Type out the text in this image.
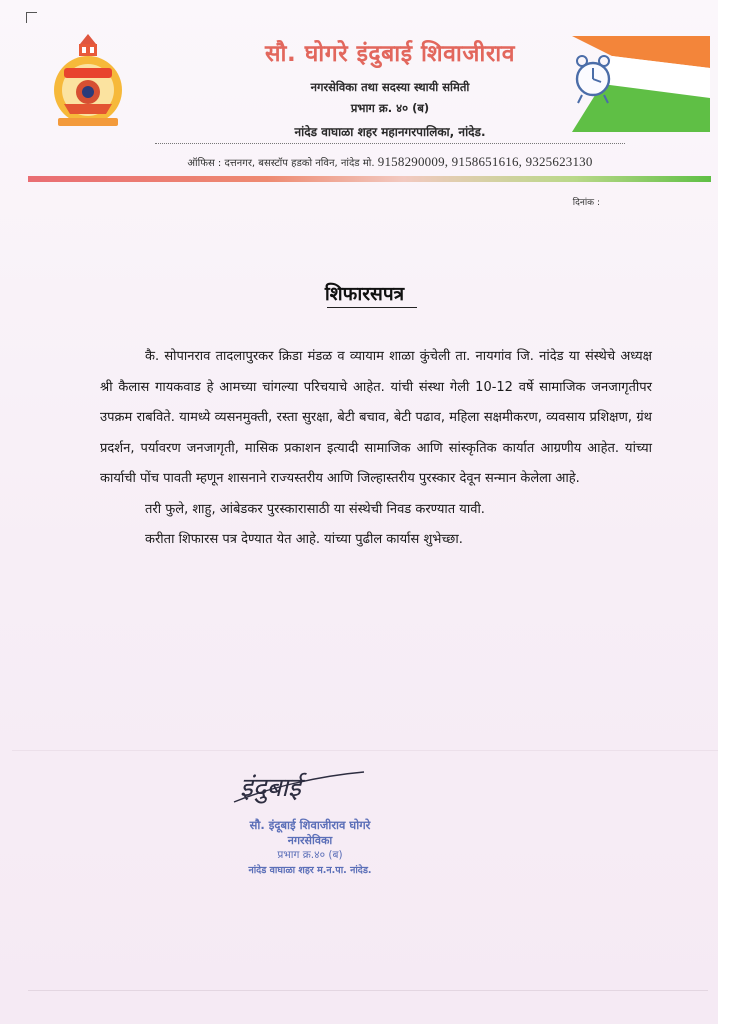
सौ. घोगरे इंदुबाई शिवाजीराव
नगरसेविका तथा सदस्या स्थायी समिती
प्रभाग क्र. ४० (ब)
नांदेड वाघाळा शहर महानगरपालिका, नांदेड.
ऑफिस : दत्तनगर, बसस्टॉप हडको नविन, नांदेड मो. 9158290009, 9158651616, 9325623130
दिनांक :
शिफारसपत्र

कै. सोपानराव तादलापुरकर क्रिडा मंडळ व व्यायाम शाळा कुंचेली ता. नायगांव जि. नांदेड या संस्थेचे अध्यक्ष श्री कैलास गायकवाड हे आमच्या चांगल्या परिचयाचे आहेत. यांची संस्था गेली 10-12 वर्षे सामाजिक जनजागृतीपर उपक्रम राबविते. यामध्ये व्यसनमुक्ती, रस्ता सुरक्षा, बेटी बचाव, बेटी पढाव, महिला सक्षमीकरण, व्यवसाय प्रशिक्षण, ग्रंथ प्रदर्शन, पर्यावरण जनजागृती, मासिक प्रकाशन इत्यादी सामाजिक आणि सांस्कृतिक कार्यात आग्रणीय आहेत. यांच्या कार्याची पोंच पावती म्हणून शासनाने राज्यस्तरीय आणि जिल्हास्तरीय पुरस्कार देवून सन्मान केलेला आहे.

तरी फुले, शाहु, आंबेडकर पुरस्कारासाठी या संस्थेची निवड करण्यात यावी.

करीता शिफारस पत्र देण्यात येत आहे. यांच्या पुढील कार्यास शुभेच्छा.

इंदुबाई
सौ. इंदूबाई शिवाजीराव घोगरे
नगरसेविका
प्रभाग क्र.४० (ब)
नांदेड वाघाळा शहर म.न.पा. नांदेड.
